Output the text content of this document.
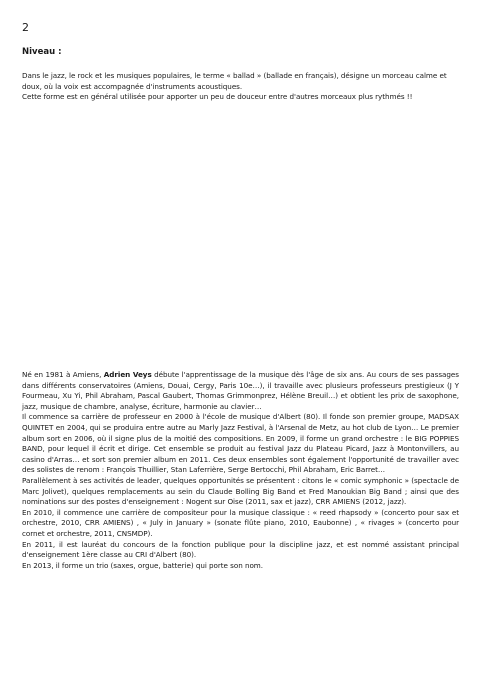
2
Niveau :

Dans le jazz, le rock et les musiques populaires, le terme « ballad » (ballade en français), désigne un morceau calme et doux, où la voix est accompagnée d'instruments acoustiques.

Cette forme est en général utilisée pour apporter un peu de douceur entre d'autres morceaux plus rythmés !!

Né en 1981 à Amiens, Adrien Veys débute l'apprentissage de la musique dès l'âge de six ans. Au cours de ses passages dans différents conservatoires (Amiens, Douai, Cergy, Paris 10e…), il travaille avec plusieurs professeurs prestigieux (J Y Fourmeau, Xu Yi, Phil Abraham, Pascal Gaubert, Thomas Grimmonprez, Hélène Breuil…) et obtient les prix de saxophone, jazz, musique de chambre, analyse, écriture, harmonie au clavier…

Il commence sa carrière de professeur en 2000 à l'école de musique d'Albert (80). Il fonde son premier groupe, MADSAX QUINTET en 2004, qui se produira entre autre au Marly Jazz Festival, à l'Arsenal de Metz, au hot club de Lyon… Le premier album sort en 2006, où il signe plus de la moitié des compositions. En 2009, il forme un grand orchestre : le BIG POPPIES BAND, pour lequel il écrit et dirige. Cet ensemble se produit au festival Jazz du Plateau Picard, Jazz à Montonvillers, au casino d'Arras… et sort son premier album en 2011. Ces deux ensembles sont également l'opportunité de travailler avec des solistes de renom : François Thuillier, Stan Laferrière, Serge Bertocchi, Phil Abraham, Eric Barret…

Parallèlement à ses activités de leader, quelques opportunités se présentent : citons le « comic symphonic » (spectacle de Marc Jolivet), quelques remplacements au sein du Claude Bolling Big Band et Fred Manoukian Big Band ; ainsi que des nominations sur des postes d'enseignement : Nogent sur Oise (2011, sax et jazz), CRR AMIENS (2012, jazz).

En 2010, il commence une carrière de compositeur pour la musique classique : « reed rhapsody » (concerto pour sax et orchestre, 2010, CRR AMIENS) , « July in January » (sonate flûte piano, 2010, Eaubonne) , « rivages » (concerto pour cornet et orchestre, 2011, CNSMDP).

En 2011, il est lauréat du concours de la fonction publique pour la discipline jazz, et est nommé assistant principal d'enseignement 1ère classe au CRI d'Albert (80).

En 2013, il forme un trio (saxes, orgue, batterie) qui porte son nom.
